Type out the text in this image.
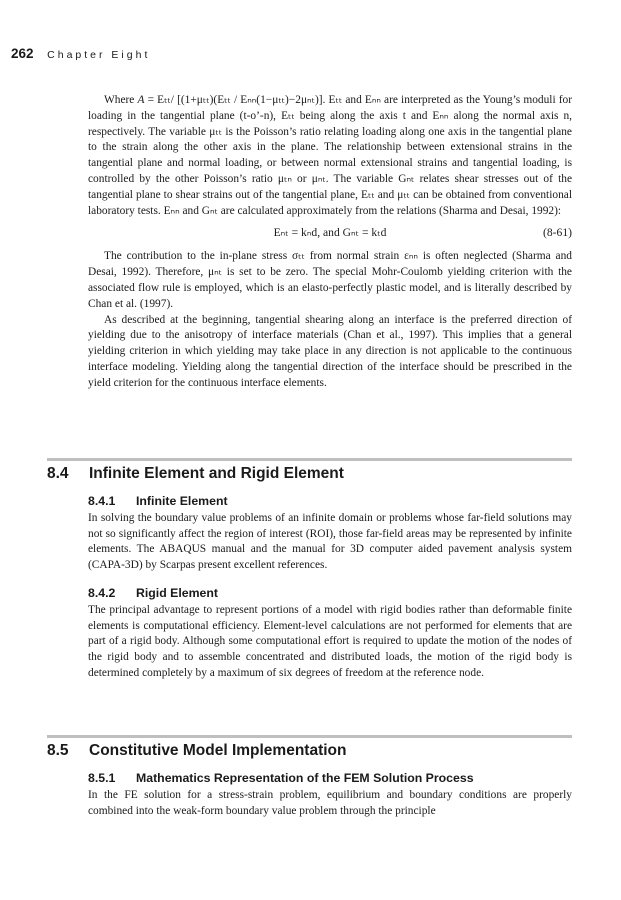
262 Chapter Eight

Where A = Eₜₜ/ [(1+μₜₜ)(Eₜₜ / Eₙₙ(1−μₜₜ)−2μₙₜ)]. Eₜₜ and Eₙₙ are interpreted as the Young’s moduli for loading in the tangential plane (t-o’-n), Eₜₜ being along the axis t and Eₙₙ along the normal axis n, respectively. The variable μₜₜ is the Poisson’s ratio relating loading along one axis in the tangential plane to the strain along the other axis in the plane. The relationship between extensional strains in the tangential plane and normal loading, or between normal extensional strains and tangential loading, is controlled by the other Poisson’s ratio μₜₙ or μₙₜ. The variable Gₙₜ relates shear stresses out of the tangential plane to shear strains out of the tangential plane, Eₜₜ and μₜₜ can be obtained from conventional laboratory tests. Eₙₙ and Gₙₜ are calculated approximately from the relations (Sharma and Desai, 1992):

Eₙₜ = kₙd, and Gₙₜ = kₜd	(8-61)

The contribution to the in-plane stress σₜₜ from normal strain εₙₙ is often neglected (Sharma and Desai, 1992). Therefore, μₙₜ is set to be zero. The special Mohr-Coulomb yielding criterion with the associated flow rule is employed, which is an elasto-perfectly plastic model, and is literally described by Chan et al. (1997).

As described at the beginning, tangential shearing along an interface is the preferred direction of yielding due to the anisotropy of interface materials (Chan et al., 1997). This implies that a general yielding criterion in which yielding may take place in any direction is not applicable to the continuous interface modeling. Yielding along the tangential direction of the interface should be prescribed in the yield criterion for the continuous interface elements.

8.4 Infinite Element and Rigid Element
8.4.1 Infinite Element

In solving the boundary value problems of an infinite domain or problems whose far-field solutions may not so significantly affect the region of interest (ROI), those far-field areas may be represented by infinite elements. The ABAQUS manual and the manual for 3D computer aided pavement analysis system (CAPA-3D) by Scarpas present excellent references.

8.4.2 Rigid Element

The principal advantage to represent portions of a model with rigid bodies rather than deformable finite elements is computational efficiency. Element-level calculations are not performed for elements that are part of a rigid body. Although some computational effort is required to update the motion of the nodes of the rigid body and to assemble concentrated and distributed loads, the motion of the rigid body is determined completely by a maximum of six degrees of freedom at the reference node.

8.5 Constitutive Model Implementation
8.5.1 Mathematics Representation of the FEM Solution Process

In the FE solution for a stress-strain problem, equilibrium and boundary conditions are properly combined into the weak-form boundary value problem through the principle
